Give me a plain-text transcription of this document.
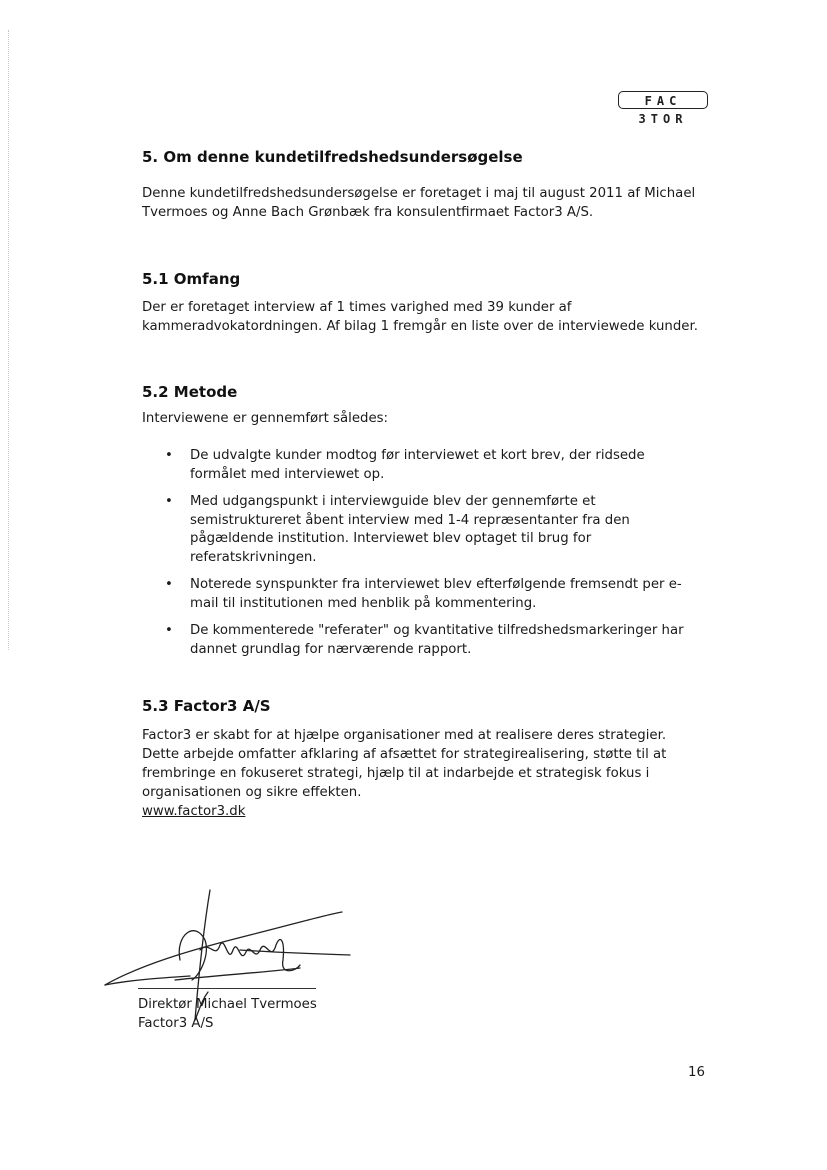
FAC 3TOR
5. Om denne kundetilfredshedsundersøgelse

Denne kundetilfredshedsundersøgelse er foretaget i maj til august 2011 af Michael
Tvermoes og Anne Bach Grønbæk fra konsulentfirmaet Factor3 A/S.

5.1 Omfang

Der er foretaget interview af 1 times varighed med 39 kunder af
kammeradvokatordningen. Af bilag 1 fremgår en liste over de interviewede kunder.

5.2 Metode

Interviewene er gennemført således:

• De udvalgte kunder modtog før interviewet et kort brev, der ridsede
formålet med interviewet op.
• Med udgangspunkt i interviewguide blev der gennemførte et
semistruktureret åbent interview med 1-4 repræsentanter fra den
pågældende institution. Interviewet blev optaget til brug for
referatskrivningen.
• Noterede synspunkter fra interviewet blev efterfølgende fremsendt per e-
mail til institutionen med henblik på kommentering.
• De kommenterede "referater" og kvantitative tilfredshedsmarkeringer har
dannet grundlag for nærværende rapport.
5.3 Factor3 A/S

Factor3 er skabt for at hjælpe organisationer med at realisere deres strategier.
Dette arbejde omfatter afklaring af afsættet for strategirealisering, støtte til at
frembringe en fokuseret strategi, hjælp til at indarbejde et strategisk fokus i
organisationen og sikre effekten.
www.factor3.dk

Direktør Michael Tvermoes
Factor3 A/S

16
